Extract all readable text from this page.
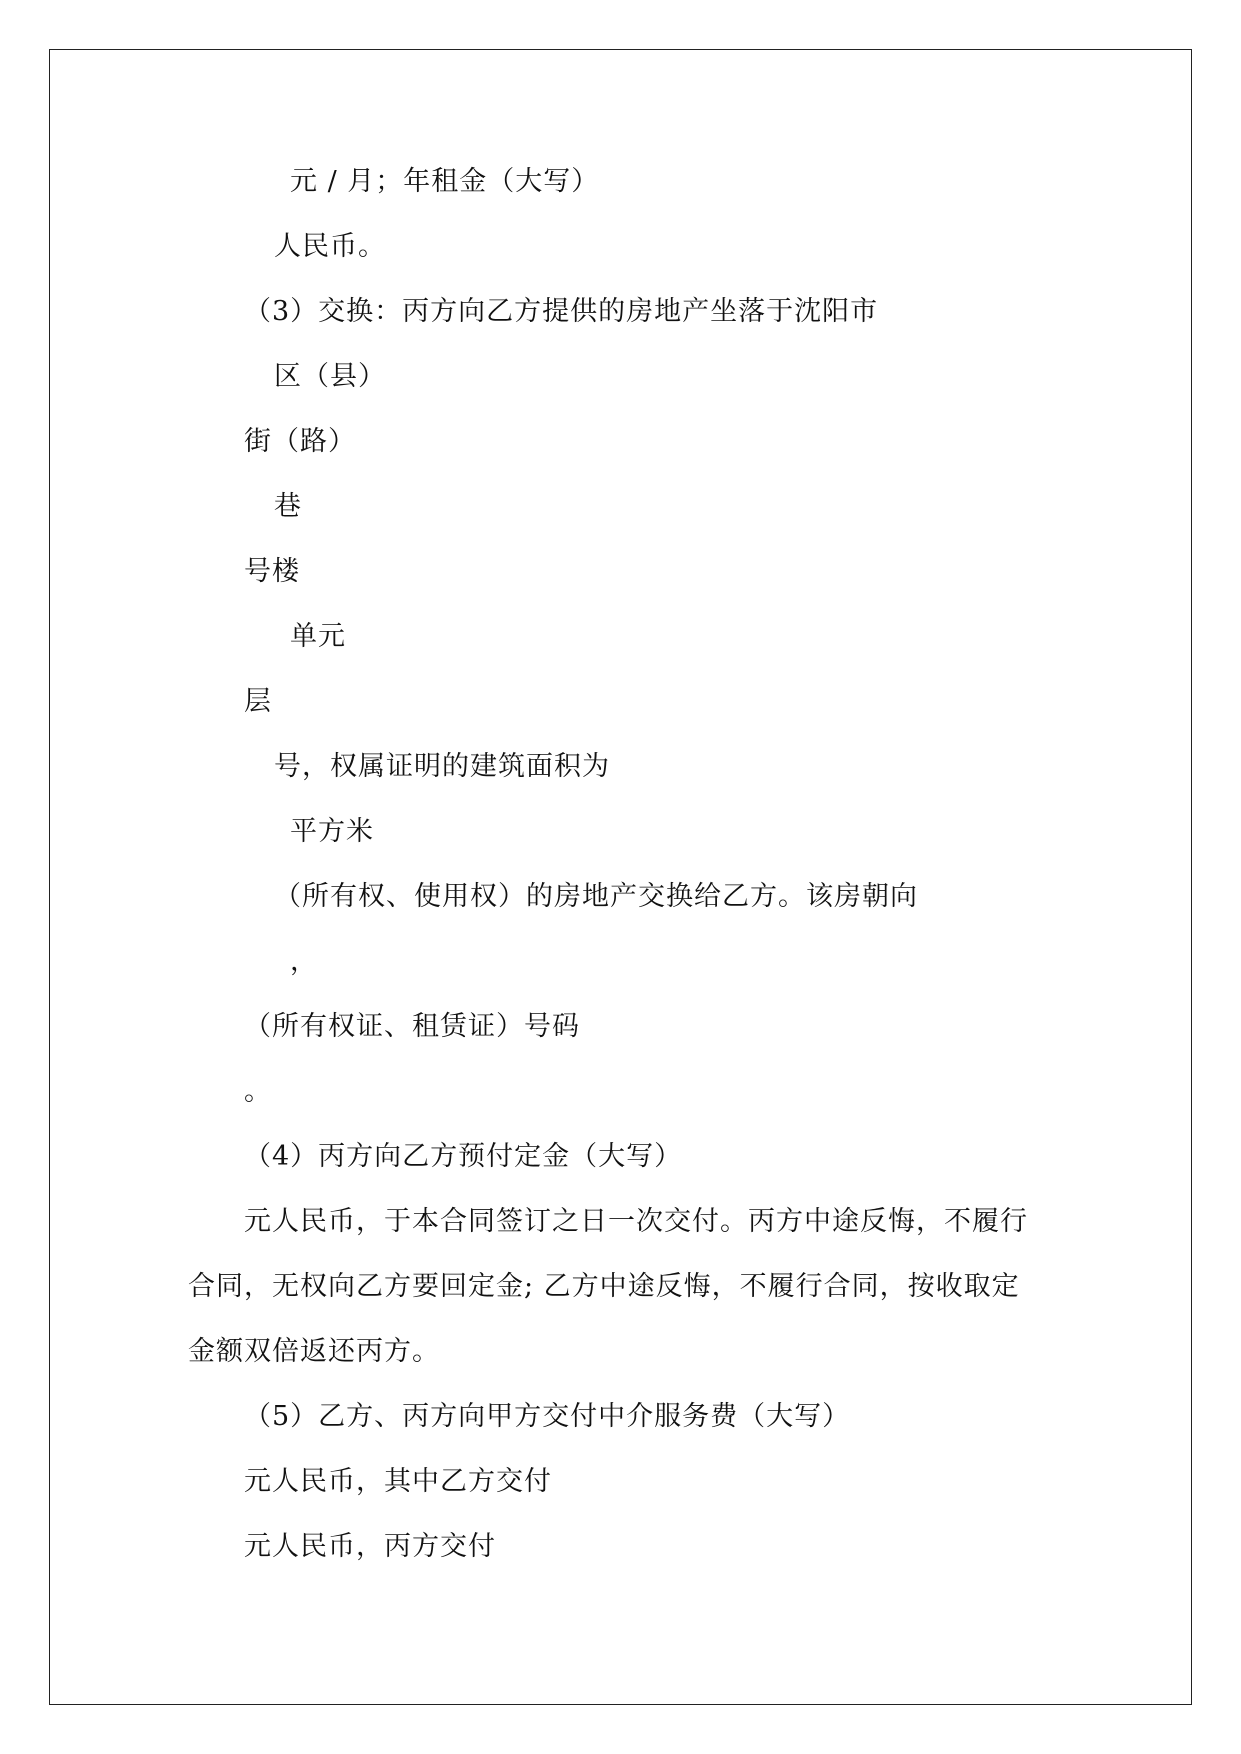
元 / 月；年租金（大写）
人民币。
（3）交换：丙方向乙方提供的房地产坐落于沈阳市
区（县）
街（路）
巷
号楼
单元
层
号，权属证明的建筑面积为
平方米
（所有权、使用权）的房地产交换给乙方。该房朝向
，
（所有权证、租赁证）号码
。
（4）丙方向乙方预付定金（大写）
元人民币，于本合同签订之日一次交付。丙方中途反悔，不履行
合同，无权向乙方要回定金; 乙方中途反悔，不履行合同，按收取定
金额双倍返还丙方。
（5）乙方、丙方向甲方交付中介服务费（大写）
元人民币，其中乙方交付
元人民币，丙方交付
